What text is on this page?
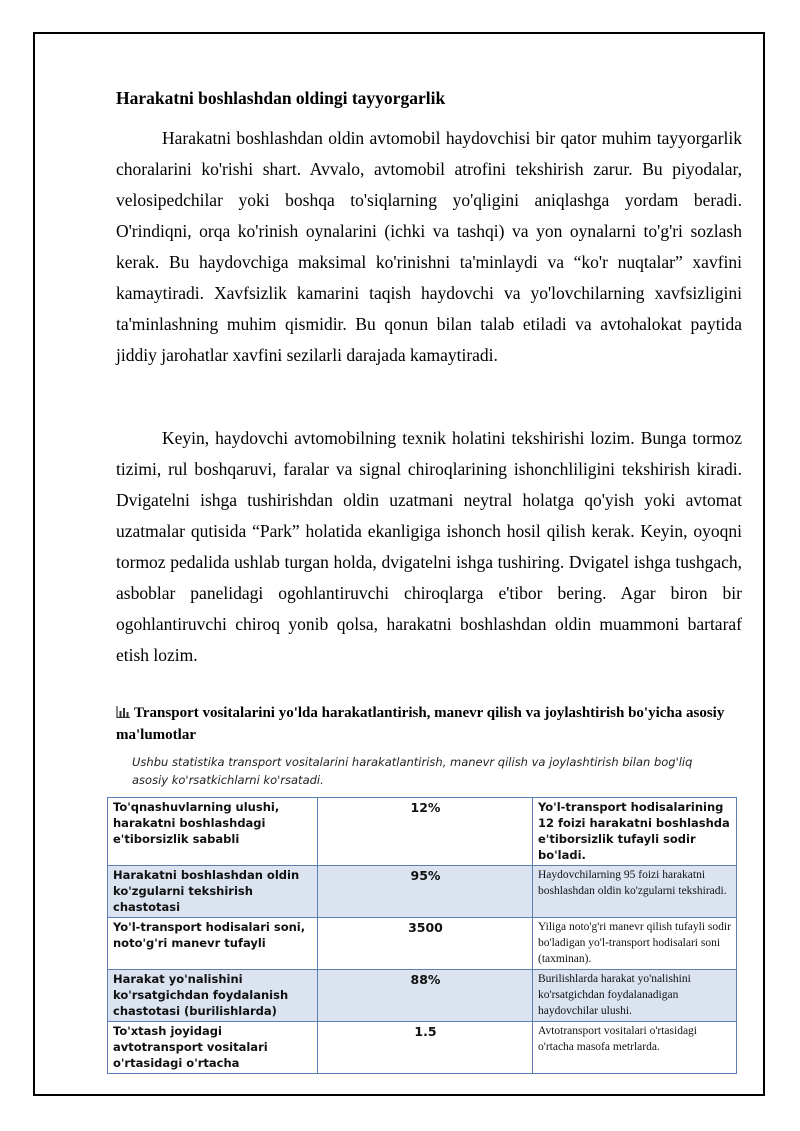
Harakatni boshlashdan oldingi tayyorgarlik

Harakatni boshlashdan oldin avtomobil haydovchisi bir qator muhim tayyorgarlik choralarini ko'rishi shart. Avvalo, avtomobil atrofini tekshirish zarur. Bu piyodalar, velosipedchilar yoki boshqa to'siqlarning yo'qligini aniqlashga yordam beradi. O'rindiqni, orqa ko'rinish oynalarini (ichki va tashqi) va yon oynalarni to'g'ri sozlash kerak. Bu haydovchiga maksimal ko'rinishni ta'minlaydi va “ko'r nuqtalar” xavfini kamaytiradi. Xavfsizlik kamarini taqish haydovchi va yo'lovchilarning xavfsizligini ta'minlashning muhim qismidir. Bu qonun bilan talab etiladi va avtohalokat paytida jiddiy jarohatlar xavfini sezilarli darajada kamaytiradi.

Keyin, haydovchi avtomobilning texnik holatini tekshirishi lozim. Bunga tormoz tizimi, rul boshqaruvi, faralar va signal chiroqlarining ishonchliligini tekshirish kiradi. Dvigatelni ishga tushirishdan oldin uzatmani neytral holatga qo'yish yoki avtomat uzatmalar qutisida “Park” holatida ekanligiga ishonch hosil qilish kerak. Keyin, oyoqni tormoz pedalida ushlab turgan holda, dvigatelni ishga tushiring. Dvigatel ishga tushgach, asboblar panelidagi ogohlantiruvchi chiroqlarga e'tibor bering. Agar biron bir ogohlantiruvchi chiroq yonib qolsa, harakatni boshlashdan oldin muammoni bartaraf etish lozim.

Transport vositalarini yo'lda harakatlantirish, manevr qilish va joylashtirish bo'yicha asosiy ma'lumotlar

Ushbu statistika transport vositalarini harakatlantirish, manevr qilish va joylashtirish bilan bog'liq asosiy ko'rsatkichlarni ko'rsatadi.

To'qnashuvlarning ulushi, harakatni boshlashdagi e'tiborsizlik sababli	12%	Yo'l-transport hodisalarining 12 foizi harakatni boshlashda e'tiborsizlik tufayli sodir bo'ladi.
Harakatni boshlashdan oldin ko'zgularni tekshirish chastotasi	95%	Haydovchilarning 95 foizi harakatni boshlashdan oldin ko'zgularni tekshiradi.
Yo'l-transport hodisalari soni, noto'g'ri manevr tufayli	3500	Yiliga noto'g'ri manevr qilish tufayli sodir bo'ladigan yo'l-transport hodisalari soni (taxminan).
Harakat yo'nalishini ko'rsatgichdan foydalanish chastotasi (burilishlarda)	88%	Burilishlarda harakat yo'nalishini ko'rsatgichdan foydalanadigan haydovchilar ulushi.
To'xtash joyidagi avtotransport vositalari o'rtasidagi o'rtacha	1.5	Avtotransport vositalari o'rtasidagi o'rtacha masofa metrlarda.
